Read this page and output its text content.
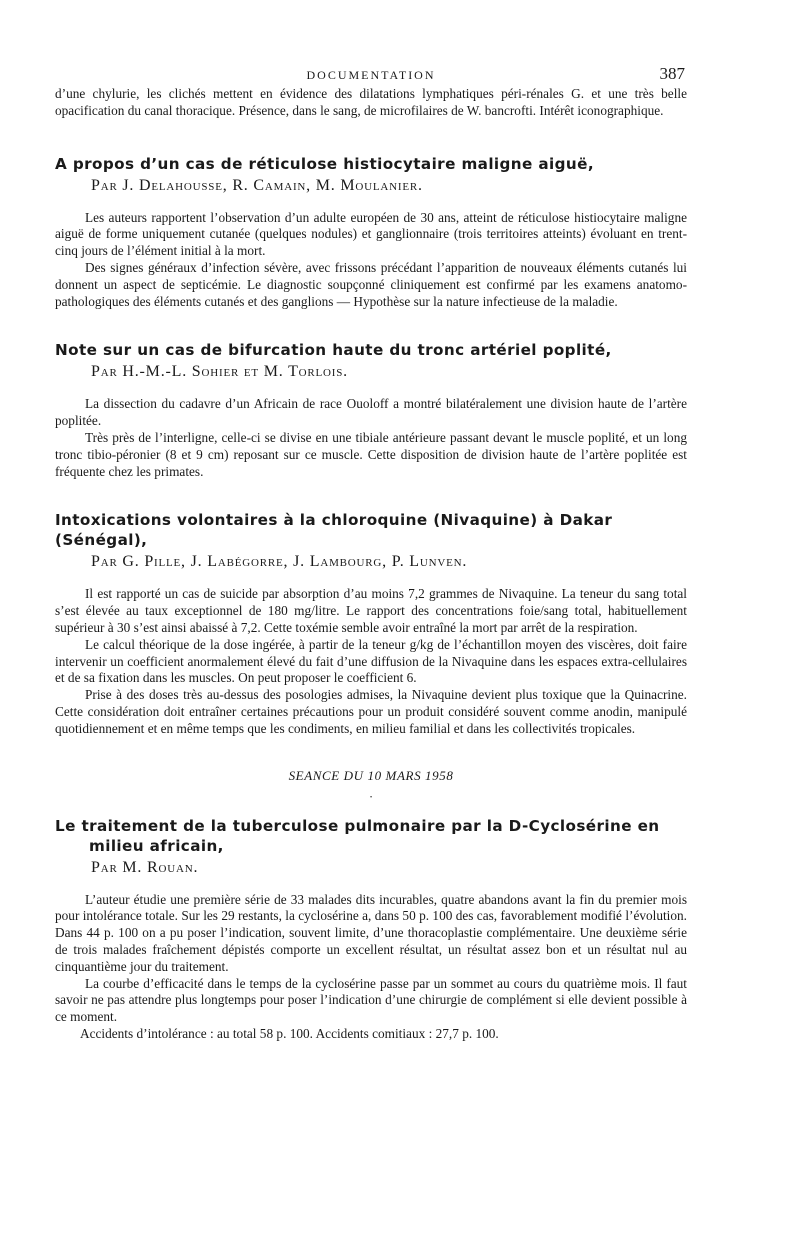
DOCUMENTATION	387

d’une chylurie, les clichés mettent en évidence des dilatations lymphatiques péri-rénales G. et une très belle opacification du canal thoracique. Présence, dans le sang, de microfilaires de W. bancrofti. Intérêt iconographique.

A propos d’un cas de réticulose histiocytaire maligne aiguë,
Par J. Delahousse, R. Camain, M. Moulanier.

Les auteurs rapportent l’observation d’un adulte européen de 30 ans, atteint de réticulose histiocytaire maligne aiguë de forme uniquement cutanée (quelques nodules) et ganglionnaire (trois territoires atteints) évoluant en trent-cinq jours de l’élément initial à la mort.

Des signes généraux d’infection sévère, avec frissons précédant l’apparition de nouveaux éléments cutanés lui donnent un aspect de septicémie. Le diagnostic soupçonné cliniquement est confirmé par les examens anatomo-pathologiques des éléments cutanés et des ganglions — Hypothèse sur la nature infectieuse de la maladie.

Note sur un cas de bifurcation haute du tronc artériel poplité,
Par H.-M.-L. Sohier et M. Torlois.

La dissection du cadavre d’un Africain de race Ouoloff a montré bilatéralement une division haute de l’artère poplitée.

Très près de l’interligne, celle-ci se divise en une tibiale antérieure passant devant le muscle poplité, et un long tronc tibio-péronier (8 et 9 cm) reposant sur ce muscle. Cette disposition de division haute de l’artère poplitée est fréquente chez les primates.

Intoxications volontaires à la chloroquine (Nivaquine) à Dakar (Sénégal),
Par G. Pille, J. Labégorre, J. Lambourg, P. Lunven.

Il est rapporté un cas de suicide par absorption d’au moins 7,2 grammes de Nivaquine. La teneur du sang total s’est élevée au taux exceptionnel de 180 mg/litre. Le rapport des concentrations foie/sang total, habituellement supérieur à 30 s’est ainsi abaissé à 7,2. Cette toxémie semble avoir entraîné la mort par arrêt de la respiration.

Le calcul théorique de la dose ingérée, à partir de la teneur g/kg de l’échantillon moyen des viscères, doit faire intervenir un coefficient anormalement élevé du fait d’une diffusion de la Nivaquine dans les espaces extra-cellulaires et de sa fixation dans les muscles. On peut proposer le coefficient 6.

Prise à des doses très au-dessus des posologies admises, la Nivaquine devient plus toxique que la Quinacrine. Cette considération doit entraîner certaines précautions pour un produit considéré souvent comme anodin, manipulé quotidiennement et en même temps que les condiments, en milieu familial et dans les collectivités tropicales.

SEANCE DU 10 MARS 1958
•
Le traitement de la tuberculose pulmonaire par la D-Cyclosérine en
milieu africain,
Par M. Rouan.

L’auteur étudie une première série de 33 malades dits incurables, quatre abandons avant la fin du premier mois pour intolérance totale. Sur les 29 restants, la cyclosérine a, dans 50 p. 100 des cas, favorablement modifié l’évolution. Dans 44 p. 100 on a pu poser l’indication, souvent limite, d’une thoracoplastie complémentaire. Une deuxième série de trois malades fraîchement dépistés comporte un excellent résultat, un résultat assez bon et un résultat nul au cinquantième jour du traitement.

La courbe d’efficacité dans le temps de la cyclosérine passe par un sommet au cours du quatrième mois. Il faut savoir ne pas attendre plus longtemps pour poser l’indication d’une chirurgie de complément si elle devient possible à ce moment.

Accidents d’intolérance : au total 58 p. 100. Accidents comitiaux : 27,7 p. 100.
